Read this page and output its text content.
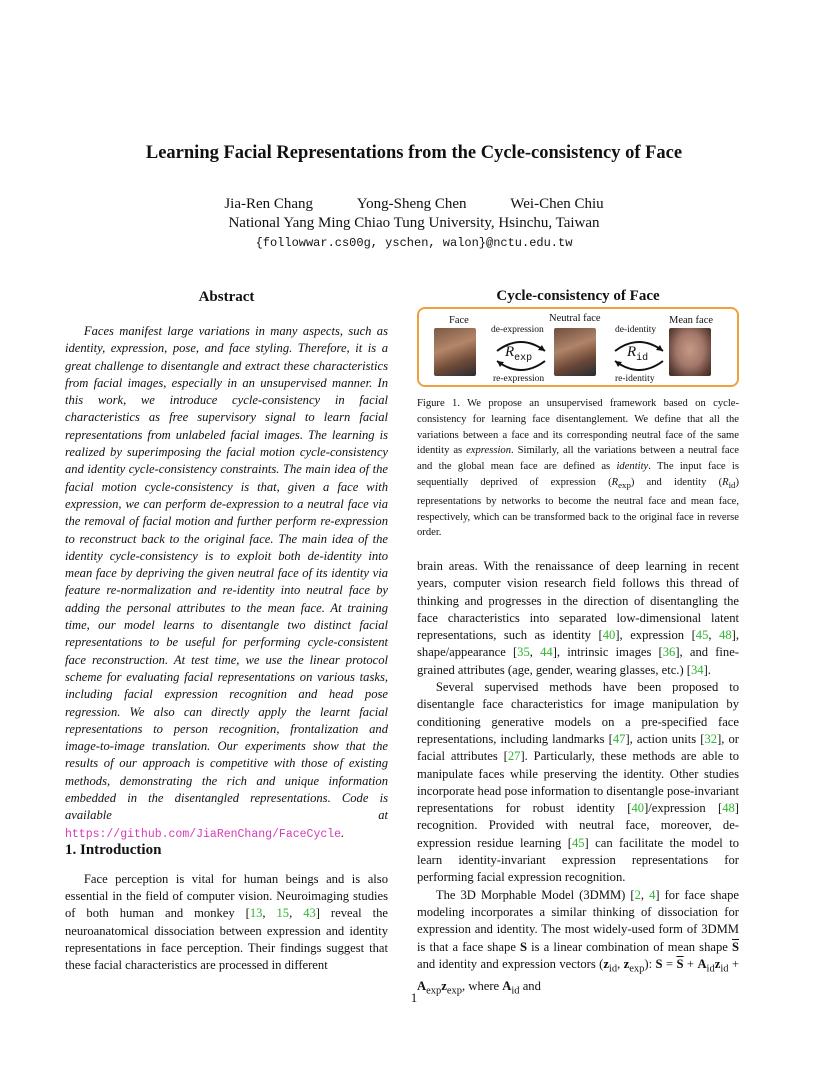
Learning Facial Representations from the Cycle-consistency of Face
Jia-Ren Chang	Yong-Sheng Chen	Wei-Chen Chiu
National Yang Ming Chiao Tung University, Hsinchu, Taiwan
{followwar.cs00g, yschen, walon}@nctu.edu.tw
Abstract
Faces manifest large variations in many aspects, such as identity, expression, pose, and face styling. Therefore, it is a great challenge to disentangle and extract these characteristics from facial images, especially in an unsupervised manner. In this work, we introduce cycle-consistency in facial characteristics as free supervisory signal to learn facial representations from unlabeled facial images. The learning is realized by superimposing the facial motion cycle-consistency and identity cycle-consistency constraints. The main idea of the facial motion cycle-consistency is that, given a face with expression, we can perform de-expression to a neutral face via the removal of facial motion and further perform re-expression to reconstruct back to the original face. The main idea of the identity cycle-consistency is to exploit both de-identity into mean face by depriving the given neutral face of its identity via feature re-normalization and re-identity into neutral face by adding the personal attributes to the mean face. At training time, our model learns to disentangle two distinct facial representations to be useful for performing cycle-consistent face reconstruction. At test time, we use the linear protocol scheme for evaluating facial representations on various tasks, including facial expression recognition and head pose regression. We also can directly apply the learnt facial representations to person recognition, frontalization and image-to-image translation. Our experiments show that the results of our approach is competitive with those of existing methods, demonstrating the rich and unique information embedded in the disentangled representations. Code is available at https://github.com/JiaRenChang/FaceCycle.
1. Introduction
Face perception is vital for human beings and is also essential in the field of computer vision. Neuroimaging studies of both human and monkey [13, 15, 43] reveal the neuroanatomical dissociation between expression and identity representations in face perception. Their findings suggest that these facial characteristics are processed in different
Cycle-consistency of Face
Face	Neutral face	Mean face
de-expression
re-expression
de-identity
re-identity
$R_{exp}$	$R_{id}$
Figure 1. We propose an unsupervised framework based on cycle-consistency for learning face disentanglement. We define that all the variations between a face and its corresponding neutral face of the same identity as expression. Similarly, all the variations between a neutral face and the global mean face are defined as identity. The input face is sequentially deprived of expression $(R_{exp})$ and identity $(R_{id})$ representations by networks to become the neutral face and mean face, respectively, which can be transformed back to the original face in reverse order.

brain areas. With the renaissance of deep learning in recent years, computer vision research field follows this thread of thinking and progresses in the direction of disentangling the face characteristics into separated low-dimensional latent representations, such as identity [40], expression [45, 48], shape/appearance [35, 44], intrinsic images [36], and fine-grained attributes (age, gender, wearing glasses, etc.) [34].

Several supervised methods have been proposed to disentangle face characteristics for image manipulation by conditioning generative models on a pre-specified face representations, including landmarks [47], action units [32], or facial attributes [27]. Particularly, these methods are able to manipulate faces while preserving the identity. Other studies incorporate head pose information to disentangle pose-invariant representations for robust identity [40]/expression [48] recognition. Provided with neutral face, moreover, de-expression residue learning [45] can facilitate the model to learn identity-invariant expression representations for performing facial expression recognition.

The 3D Morphable Model (3DMM) [2, 4] for face shape modeling incorporates a similar thinking of dissociation for expression and identity. The most widely-used form of 3DMM is that a face shape S is a linear combination of mean shape $\overline{S}$ and identity and expression vectors ($z_{id}$, $z_{exp}$): $S = \overline{S} + A_{id}z_{id} + A_{exp}z_{exp}$, where $A_{id}$ and

1
